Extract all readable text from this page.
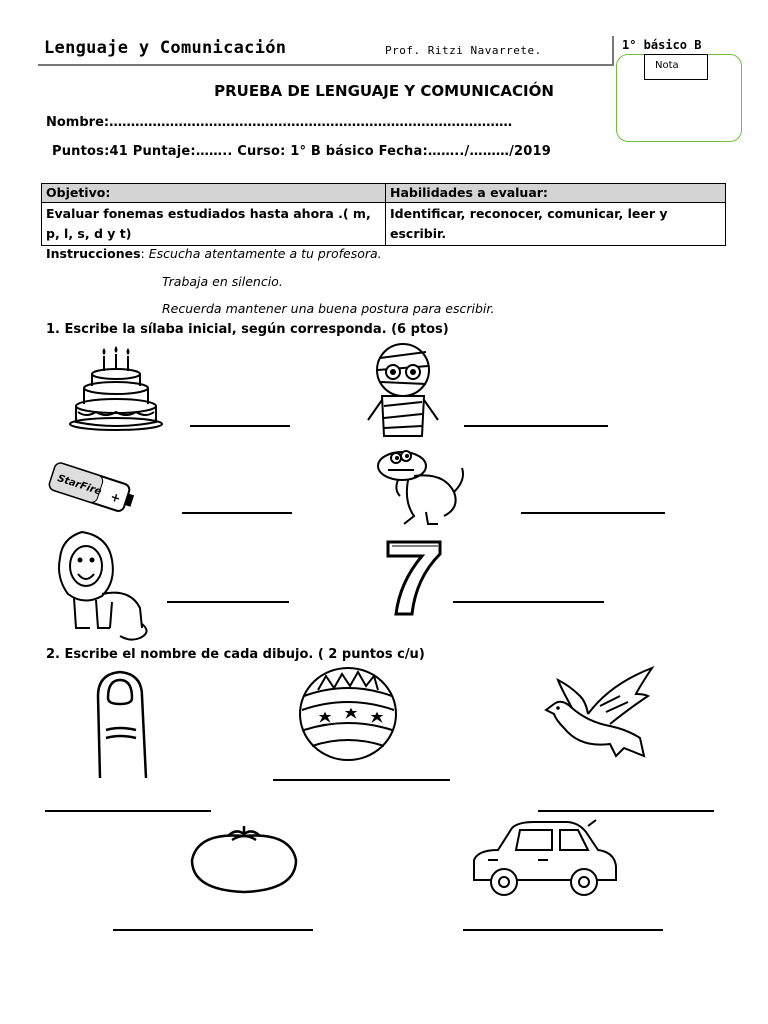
Lenguaje y Comunicación	Prof. Ritzi Navarrete.	1° básico B
Nota
PRUEBA DE LENGUAJE Y COMUNICACIÓN
Nombre:…………………………………………………………………………………
Puntos:41 Puntaje:…….. Curso: 1° B básico Fecha:……../………/2019
Objetivo:	Habilidades a evaluar:
Evaluar fonemas estudiados hasta ahora .( m, p, l, s, d y t)	Identificar, reconocer, comunicar, leer y escribir.
Instrucciones: Escucha atentamente a tu profesora.
Trabaja en silencio.
Recuerda mantener una buena postura para escribir.
1. Escribe la sílaba inicial, según corresponda. (6 ptos)
StarFire
+
2. Escribe el nombre de cada dibujo. ( 2 puntos c/u)
